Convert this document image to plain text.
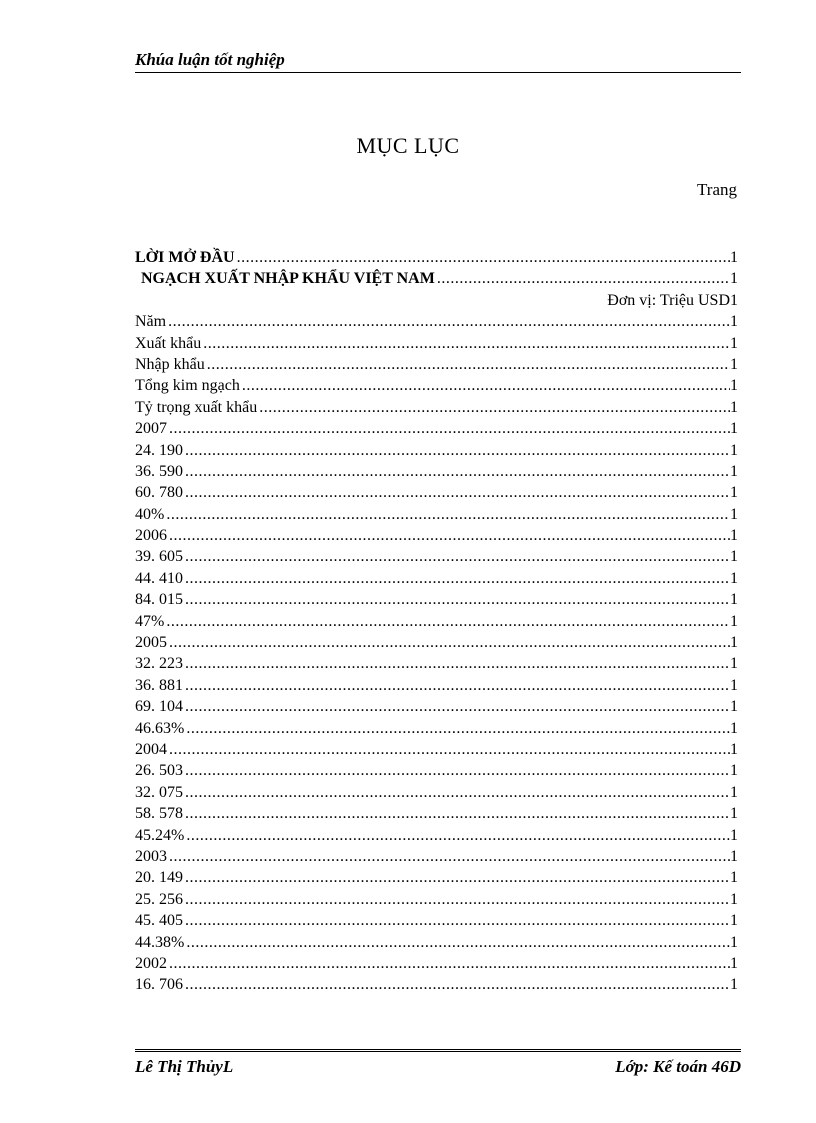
Khúa luận tốt nghiệp
MỤC LỤC
Trang
LỜI MỞ ĐẦU .....	1
NGẠCH XUẤT NHẬP KHẨU VIỆT NAM .....	1
Đơn vị: Triệu USD 1
Năm .....	1
Xuất khẩu .....	1
Nhập khẩu .....	1
Tổng kim ngạch .....	1
Tỷ trọng xuất khẩu .....	1
2007 .....	1
24. 190 .....	1
36. 590 .....	1
60. 780 .....	1
40% .....	1
2006 .....	1
39. 605 .....	1
44. 410 .....	1
84. 015 .....	1
47% .....	1
2005 .....	1
32. 223 .....	1
36. 881 .....	1
69. 104 .....	1
46.63% .....	1
2004 .....	1
26. 503 .....	1
32. 075 .....	1
58. 578 .....	1
45.24% .....	1
2003 .....	1
20. 149 .....	1
25. 256 .....	1
45. 405 .....	1
44.38% .....	1
2002 .....	1
16. 706 .....	1
Lê Thị ThủyL	Lớp: Kế toán 46D
